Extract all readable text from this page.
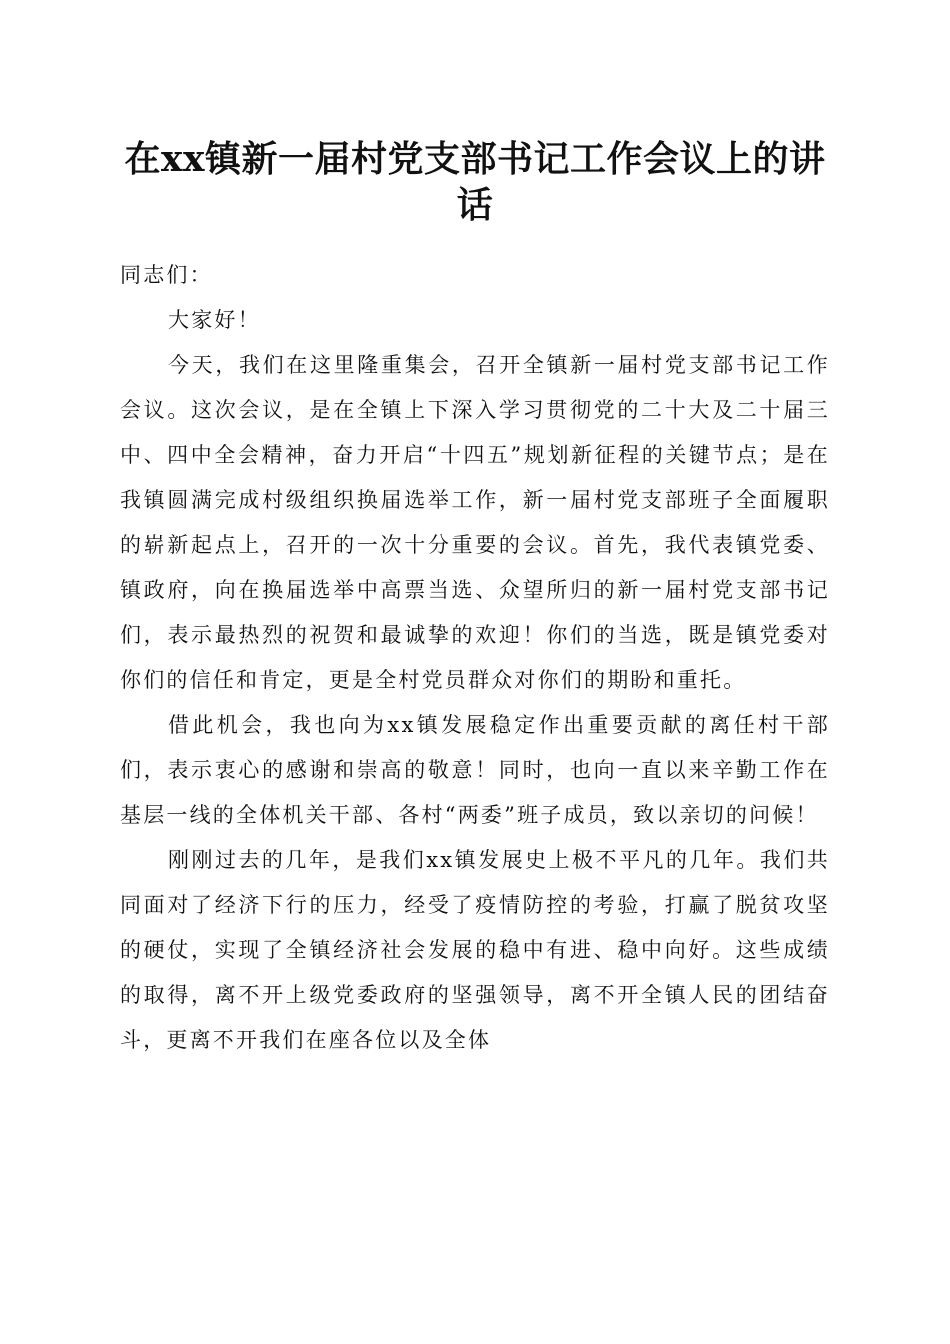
在xx镇新一届村党支部书记工作会议上的讲话

同志们：

大家好！

今天，我们在这里隆重集会，召开全镇新一届村党支部书记工作会议。这次会议，是在全镇上下深入学习贯彻党的二十大及二十届三中、四中全会精神，奋力开启“十四五”规划新征程的关键节点；是在我镇圆满完成村级组织换届选举工作，新一届村党支部班子全面履职的崭新起点上，召开的一次十分重要的会议。首先，我代表镇党委、镇政府，向在换届选举中高票当选、众望所归的新一届村党支部书记们，表示最热烈的祝贺和最诚挚的欢迎！你们的当选，既是镇党委对你们的信任和肯定，更是全村党员群众对你们的期盼和重托。

借此机会，我也向为xx镇发展稳定作出重要贡献的离任村干部们，表示衷心的感谢和崇高的敬意！同时，也向一直以来辛勤工作在基层一线的全体机关干部、各村“两委”班子成员，致以亲切的问候！

刚刚过去的几年，是我们xx镇发展史上极不平凡的几年。我们共同面对了经济下行的压力，经受了疫情防控的考验，打赢了脱贫攻坚的硬仗，实现了全镇经济社会发展的稳中有进、稳中向好。这些成绩的取得，离不开上级党委政府的坚强领导，离不开全镇人民的团结奋斗，更离不开我们在座各位以及全体
